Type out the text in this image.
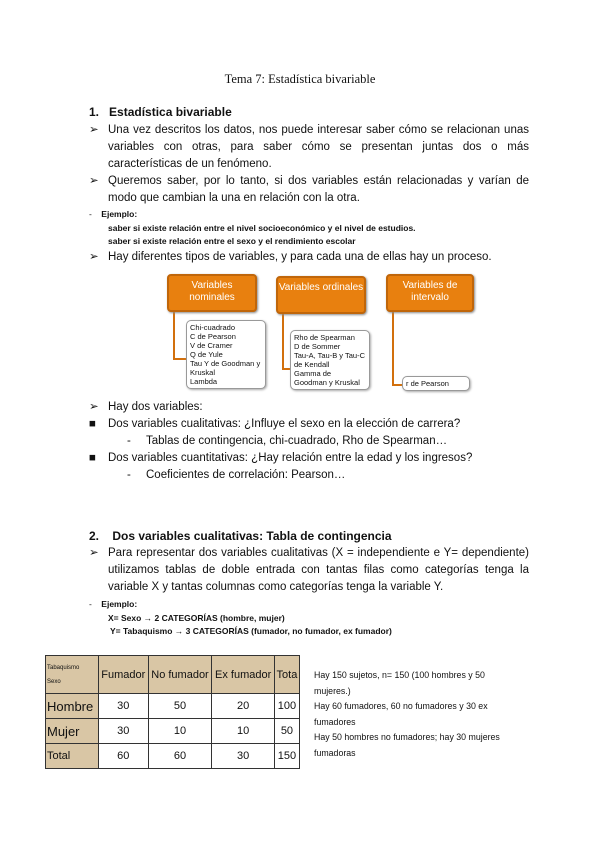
Tema 7: Estadística bivariable
1. Estadística bivariable
➢ Una vez descritos los datos, nos puede interesar saber cómo se relacionan unas variables con otras, para saber cómo se presentan juntas dos o más características de un fenómeno.
➢ Queremos saber, por lo tanto, si dos variables están relacionadas y varían de modo que cambian la una en relación con la otra.
- Ejemplo:
saber si existe relación entre el nivel socioeconómico y el nivel de estudios.
saber si existe relación entre el sexo y el rendimiento escolar
➢ Hay diferentes tipos de variables, y para cada una de ellas hay un proceso.
Variables nominales
Variables ordinales	Variables de intervalo
Chi-cuadrado
C de Pearson
V de Cramer
Q de Yule
Tau Y de Goodman y Kruskal
Lambda
Rho de Spearman
D de Sommer
Tau-A, Tau-B y Tau-C de Kendall
Gamma de Goodman y Kruskal	r de Pearson
➢ Hay dos variables:
■ Dos variables cualitativas: ¿Influye el sexo en la elección de carrera?
- Tablas de contingencia, chi-cuadrado, Rho de Spearman…
■ Dos variables cuantitativas: ¿Hay relación entre la edad y los ingresos?
- Coeficientes de correlación: Pearson…
2. Dos variables cualitativas: Tabla de contingencia
➢ Para representar dos variables cualitativas (X = independiente e Y= dependiente) utilizamos tablas de doble entrada con tantas filas como categorías tenga la variable X y tantas columnas como categorías tenga la variable Y.
- Ejemplo:
X= Sexo → 2 CATEGORÍAS (hombre, mujer)
Y= Tabaquismo → 3 CATEGORÍAS (fumador, no fumador, ex fumador)
Tabaquismo
Sexo	Fumador	No fumador	Ex fumador	Tota
Hombre	30	50	20	100
Mujer	30	10	10	50
Total	60	60	30	150
Hay 150 sujetos, n= 150 (100 hombres y 50 mujeres.)
Hay 60 fumadores, 60 no fumadores y 30 ex fumadores
Hay 50 hombres no fumadores; hay 30 mujeres fumadoras
